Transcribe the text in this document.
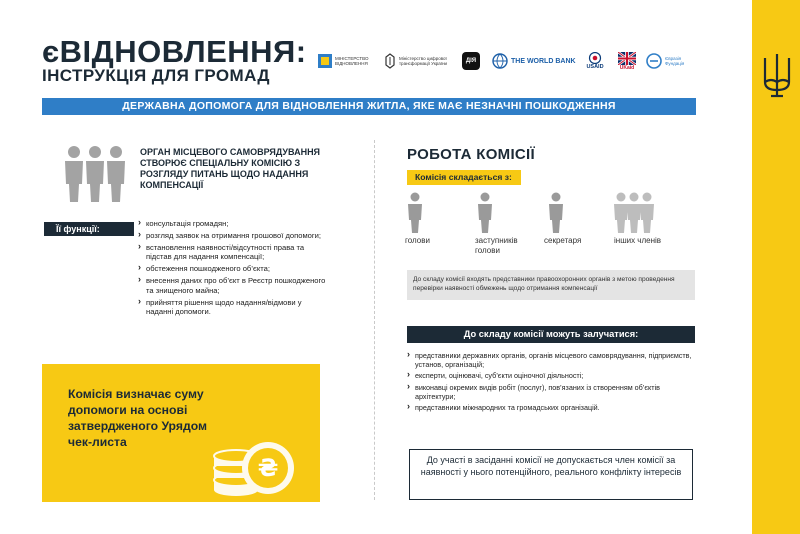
єВІДНОВЛЕННЯ:
ІНСТРУКЦІЯ ДЛЯ ГРОМАД
МІНІСТЕРСТВО ВІДНОВЛЕННЯ
Міністерство цифрової трансформації України	ДІЯ	THE WORLD BANK
USAID	UKaid
Євразія Фундація
ДЕРЖАВНА ДОПОМОГА ДЛЯ ВІДНОВЛЕННЯ ЖИТЛА, ЯКЕ МАЄ НЕЗНАЧНІ ПОШКОДЖЕННЯ
ОРГАН МІСЦЕВОГО САМОВРЯДУВАННЯ СТВОРЮЄ СПЕЦІАЛЬНУ КОМІСІЮ З РОЗГЛЯДУ ПИТАНЬ ЩОДО НАДАННЯ КОМПЕНСАЦІЇ
Її функції:
› консультація громадян;
› розгляд заявок на отримання грошової допомоги;
› встановлення наявності/відсутності права та підстав для надання компенсації;
› обстеження пошкодженого об’єкта;
› внесення даних про об’єкт в Реєстр пошкодженого та знищеного майна;
› прийняття рішення щодо надання/відмови у наданні допомоги.
Комісія визначає суму допомоги на основі затвердженого Урядом чек-листа
₴
РОБОТА КОМІСІЇ
Комісія складається з:
голови	заступників голови
секретаря	інших членів
До складу комісії входять представники правоохоронних органів з метою проведення перевірки наявності обмежень щодо отримання компенсації
До складу комісії можуть залучатися:
› представники державних органів, органів місцевого самоврядування, підприємств, установ, організацій;
› експерти, оцінювачі, суб’єкти оціночної діяльності;
› виконавці окремих видів робіт (послуг), пов’язаних із створенням об’єктів архітектури;
› представники міжнародних та громадських організацій.
До участі в засіданні комісії не допускається член комісії за наявності у нього потенційного, реального конфлікту інтересів
